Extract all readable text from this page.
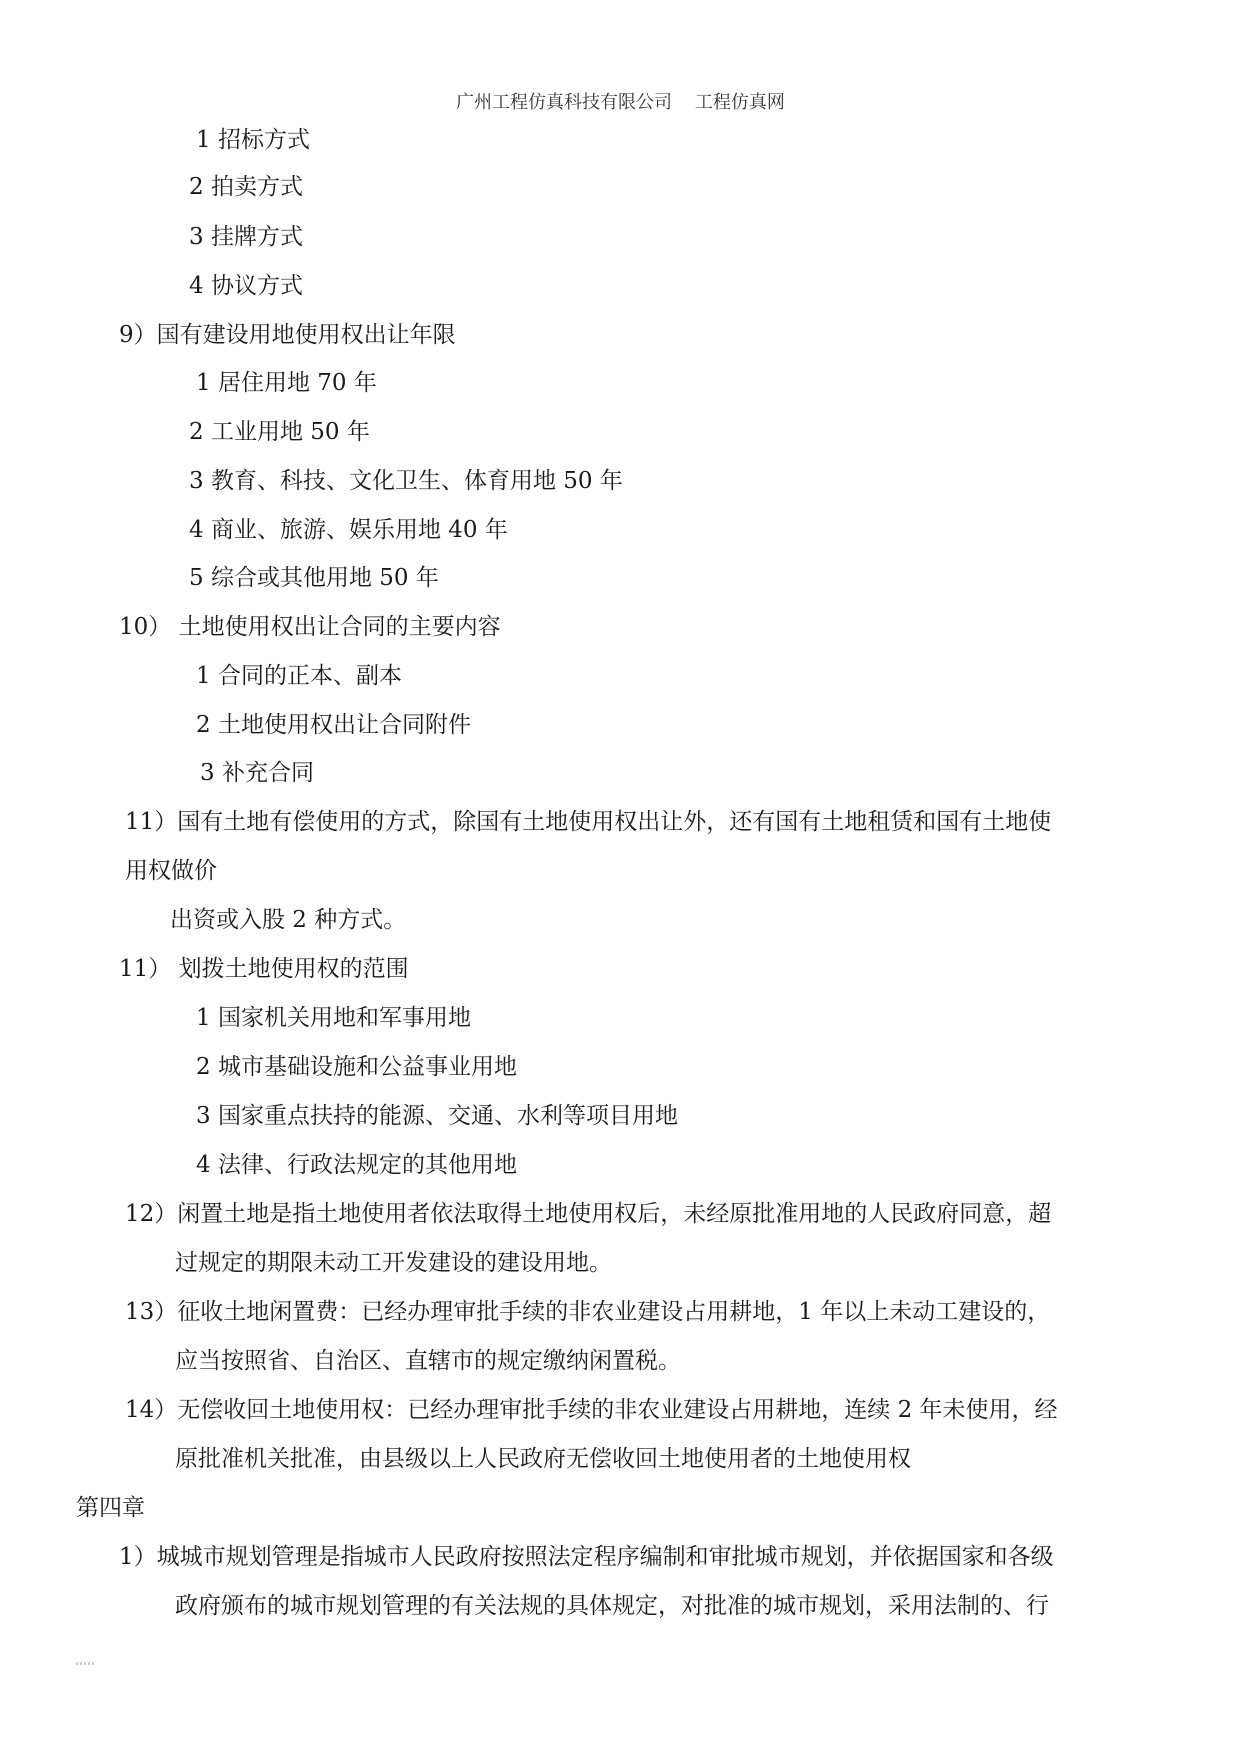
广州工程仿真科技有限公司    工程仿真网
1 招标方式
2 拍卖方式
3 挂牌方式
4 协议方式
9）国有建设用地使用权出让年限
1 居住用地 70 年
2 工业用地 50 年
3 教育、科技、文化卫生、体育用地 50 年
4 商业、旅游、娱乐用地 40 年
5 综合或其他用地 50 年
10） 土地使用权出让合同的主要内容
1 合同的正本、副本
2 土地使用权出让合同附件
3 补充合同
11）国有土地有偿使用的方式，除国有土地使用权出让外，还有国有土地租赁和国有土地使
用权做价
出资或入股 2 种方式。
11） 划拨土地使用权的范围
1 国家机关用地和军事用地
2 城市基础设施和公益事业用地
3 国家重点扶持的能源、交通、水利等项目用地
4 法律、行政法规定的其他用地
12）闲置土地是指土地使用者依法取得土地使用权后，未经原批准用地的人民政府同意，超
过规定的期限未动工开发建设的建设用地。
13）征收土地闲置费：已经办理审批手续的非农业建设占用耕地，1 年以上未动工建设的，
应当按照省、自治区、直辖市的规定缴纳闲置税。
14）无偿收回土地使用权：已经办理审批手续的非农业建设占用耕地，连续 2 年未使用，经
原批准机关批准，由县级以上人民政府无偿收回土地使用者的土地使用权
第四章
1）城城市规划管理是指城市人民政府按照法定程序编制和审批城市规划，并依据国家和各级
政府颁布的城市规划管理的有关法规的具体规定，对批准的城市规划，采用法制的、行
